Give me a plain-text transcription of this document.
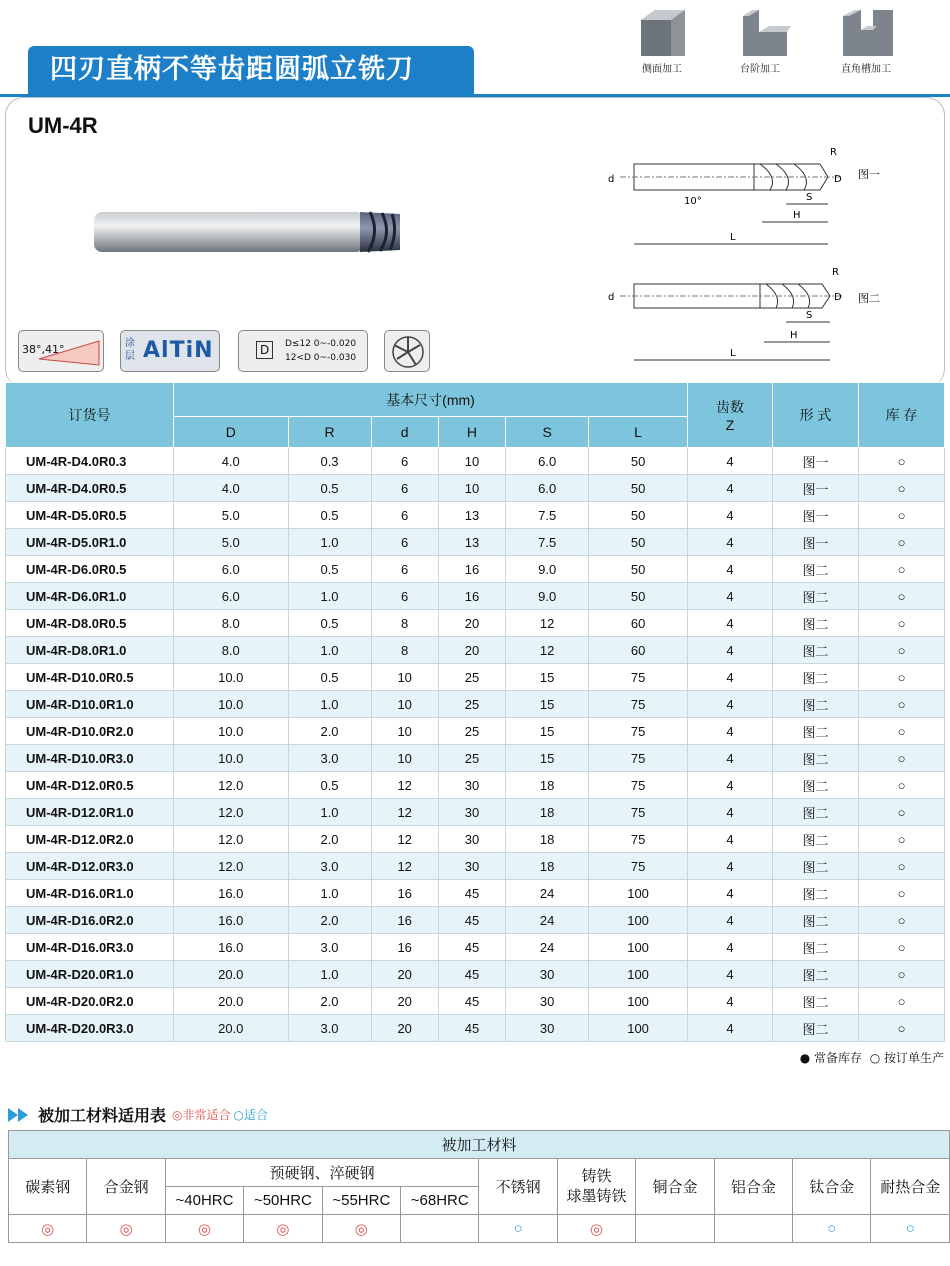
四刃直柄不等齿距圆弧立铣刀	侧面加工	台阶加工	直角槽加工
UM-4R
L
H
S
R
D
d
10°
图一
L
H
S
R
D
d	图二
38°,41°	涂层 AlTiN	D	D≤12 0~-0.020
12<D 0~-0.030
订货号	基本尺寸(mm)						齿数
Z	形 式	库 存
	D	R	d	H	S	L			
UM-4R-D4.0R0.3	4.0	0.3	6	10	6.0	50	4	图一	○
UM-4R-D4.0R0.5	4.0	0.5	6	10	6.0	50	4	图一	○
UM-4R-D5.0R0.5	5.0	0.5	6	13	7.5	50	4	图一	○
UM-4R-D5.0R1.0	5.0	1.0	6	13	7.5	50	4	图一	○
UM-4R-D6.0R0.5	6.0	0.5	6	16	9.0	50	4	图二	○
UM-4R-D6.0R1.0	6.0	1.0	6	16	9.0	50	4	图二	○
UM-4R-D8.0R0.5	8.0	0.5	8	20	12	60	4	图二	○
UM-4R-D8.0R1.0	8.0	1.0	8	20	12	60	4	图二	○
UM-4R-D10.0R0.5	10.0	0.5	10	25	15	75	4	图二	○
UM-4R-D10.0R1.0	10.0	1.0	10	25	15	75	4	图二	○
UM-4R-D10.0R2.0	10.0	2.0	10	25	15	75	4	图二	○
UM-4R-D10.0R3.0	10.0	3.0	10	25	15	75	4	图二	○
UM-4R-D12.0R0.5	12.0	0.5	12	30	18	75	4	图二	○
UM-4R-D12.0R1.0	12.0	1.0	12	30	18	75	4	图二	○
UM-4R-D12.0R2.0	12.0	2.0	12	30	18	75	4	图二	○
UM-4R-D12.0R3.0	12.0	3.0	12	30	18	75	4	图二	○
UM-4R-D16.0R1.0	16.0	1.0	16	45	24	100	4	图二	○
UM-4R-D16.0R2.0	16.0	2.0	16	45	24	100	4	图二	○
UM-4R-D16.0R3.0	16.0	3.0	16	45	24	100	4	图二	○
UM-4R-D20.0R1.0	20.0	1.0	20	45	30	100	4	图二	○
UM-4R-D20.0R2.0	20.0	2.0	20	45	30	100	4	图二	○
UM-4R-D20.0R3.0	20.0	3.0	20	45	30	100	4	图二	○
● 常备库存 ○ 按订单生产
被加工材料适用表 ◎非常适合 ○适合
被加工材料											
碳素钢	合金钢	预硬钢、淬硬钢				不锈钢	铸铁
球墨铸铁	铜合金	铝合金	钛合金	耐热合金
		~40HRC	~50HRC	~55HRC	~68HRC						
◎	◎	◎	◎	◎		○	◎			○	○
